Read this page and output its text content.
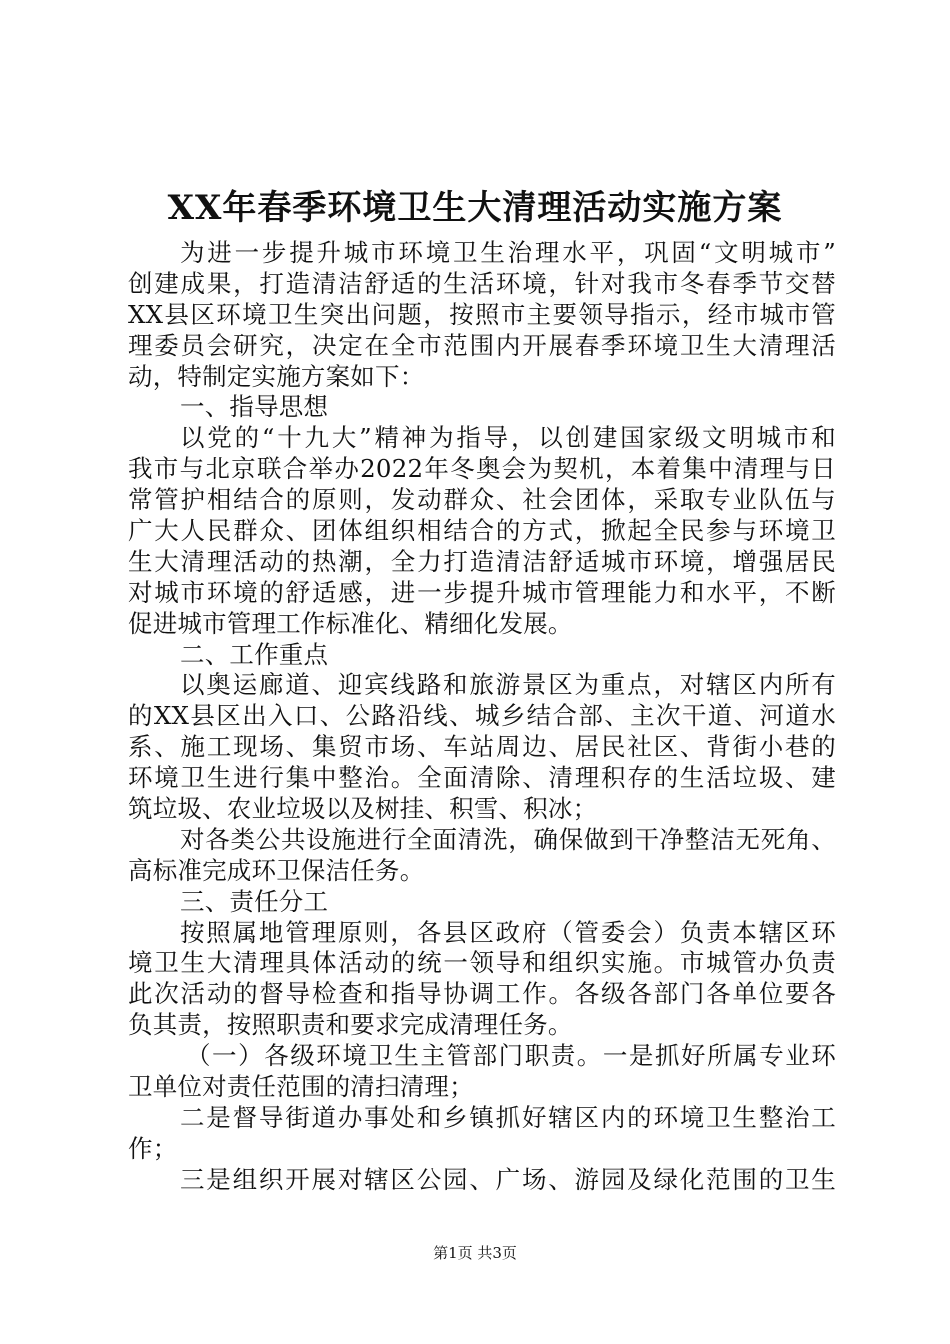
XX年春季环境卫生大清理活动实施方案
为进一步提升城市环境卫生治理水平，巩固“文明城市”
创建成果，打造清洁舒适的生活环境，针对我市冬春季节交替
XX县区环境卫生突出问题，按照市主要领导指示，经市城市管
理委员会研究，决定在全市范围内开展春季环境卫生大清理活
动，特制定实施方案如下：
一、指导思想
以党的“十九大”精神为指导，以创建国家级文明城市和
我市与北京联合举办2022年冬奥会为契机，本着集中清理与日
常管护相结合的原则，发动群众、社会团体，采取专业队伍与
广大人民群众、团体组织相结合的方式，掀起全民参与环境卫
生大清理活动的热潮，全力打造清洁舒适城市环境，增强居民
对城市环境的舒适感，进一步提升城市管理能力和水平，不断
促进城市管理工作标准化、精细化发展。
二、工作重点
以奥运廊道、迎宾线路和旅游景区为重点，对辖区内所有
的XX县区出入口、公路沿线、城乡结合部、主次干道、河道水
系、施工现场、集贸市场、车站周边、居民社区、背街小巷的
环境卫生进行集中整治。全面清除、清理积存的生活垃圾、建
筑垃圾、农业垃圾以及树挂、积雪、积冰；
对各类公共设施进行全面清洗，确保做到干净整洁无死角、
高标准完成环卫保洁任务。
三、责任分工
按照属地管理原则，各县区政府（管委会）负责本辖区环
境卫生大清理具体活动的统一领导和组织实施。市城管办负责
此次活动的督导检查和指导协调工作。各级各部门各单位要各
负其责，按照职责和要求完成清理任务。
（一）各级环境卫生主管部门职责。一是抓好所属专业环
卫单位对责任范围的清扫清理；
二是督导街道办事处和乡镇抓好辖区内的环境卫生整治工
作；
三是组织开展对辖区公园、广场、游园及绿化范围的卫生
第1页 共3页
